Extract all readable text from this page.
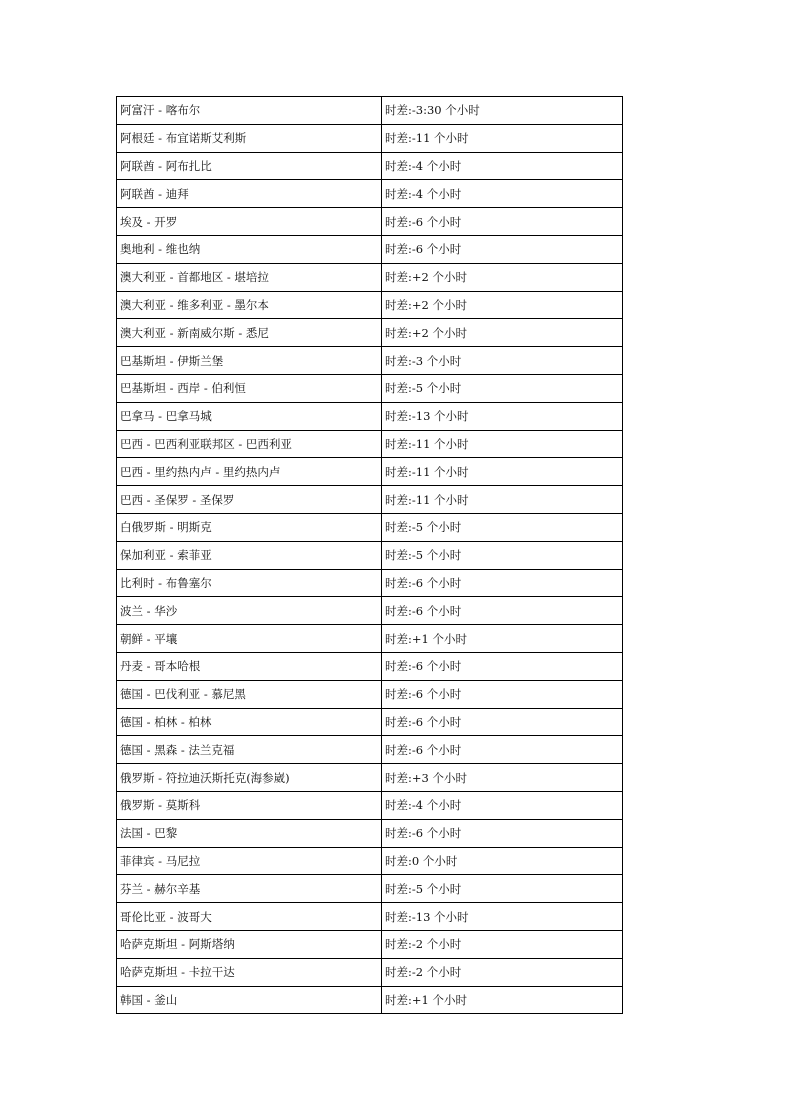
阿富汗 - 喀布尔	时差:-3:30 个小时
阿根廷 - 布宜诺斯艾利斯	时差:-11 个小时
阿联酋 - 阿布扎比	时差:-4 个小时
阿联酋 - 迪拜	时差:-4 个小时
埃及 - 开罗	时差:-6 个小时
奥地利 - 维也纳	时差:-6 个小时
澳大利亚 - 首都地区 - 堪培拉	时差:+2 个小时
澳大利亚 - 维多利亚 - 墨尔本	时差:+2 个小时
澳大利亚 - 新南威尔斯 - 悉尼	时差:+2 个小时
巴基斯坦 - 伊斯兰堡	时差:-3 个小时
巴基斯坦 - 西岸 - 伯利恒	时差:-5 个小时
巴拿马 - 巴拿马城	时差:-13 个小时
巴西 - 巴西利亚联邦区 - 巴西利亚	时差:-11 个小时
巴西 - 里约热内卢 - 里约热内卢	时差:-11 个小时
巴西 - 圣保罗 - 圣保罗	时差:-11 个小时
白俄罗斯 - 明斯克	时差:-5 个小时
保加利亚 - 索菲亚	时差:-5 个小时
比利时 - 布鲁塞尔	时差:-6 个小时
波兰 - 华沙	时差:-6 个小时
朝鲜 - 平壤	时差:+1 个小时
丹麦 - 哥本哈根	时差:-6 个小时
德国 - 巴伐利亚 - 慕尼黑	时差:-6 个小时
德国 - 柏林 - 柏林	时差:-6 个小时
德国 - 黑森 - 法兰克福	时差:-6 个小时
俄罗斯 - 符拉迪沃斯托克(海参崴)	时差:+3 个小时
俄罗斯 - 莫斯科	时差:-4 个小时
法国 - 巴黎	时差:-6 个小时
菲律宾 - 马尼拉	时差:0 个小时
芬兰 - 赫尔辛基	时差:-5 个小时
哥伦比亚 - 波哥大	时差:-13 个小时
哈萨克斯坦 - 阿斯塔纳	时差:-2 个小时
哈萨克斯坦 - 卡拉干达	时差:-2 个小时
韩国 - 釜山	时差:+1 个小时
